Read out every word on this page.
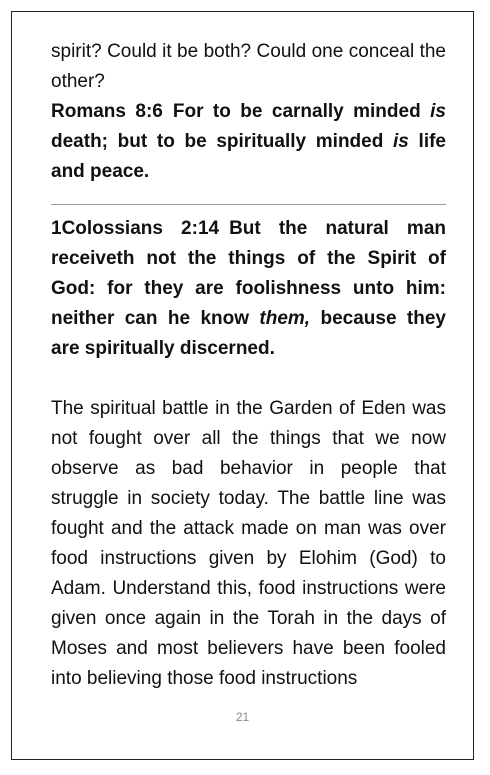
spirit? Could it be both? Could one conceal the other?

Romans 8:6 For to be carnally minded is death; but to be spiritually minded is life and peace.

1Colossians 2:14 But the natural man receiveth not the things of the Spirit of God: for they are foolishness unto him: neither can he know them, because they are spiritually discerned.

The spiritual battle in the Garden of Eden was not fought over all the things that we now observe as bad behavior in people that struggle in society today. The battle line was fought and the attack made on man was over food instructions given by Elohim (God) to Adam. Understand this, food instructions were given once again in the Torah in the days of Moses and most believers have been fooled into believing those food instructions

21
